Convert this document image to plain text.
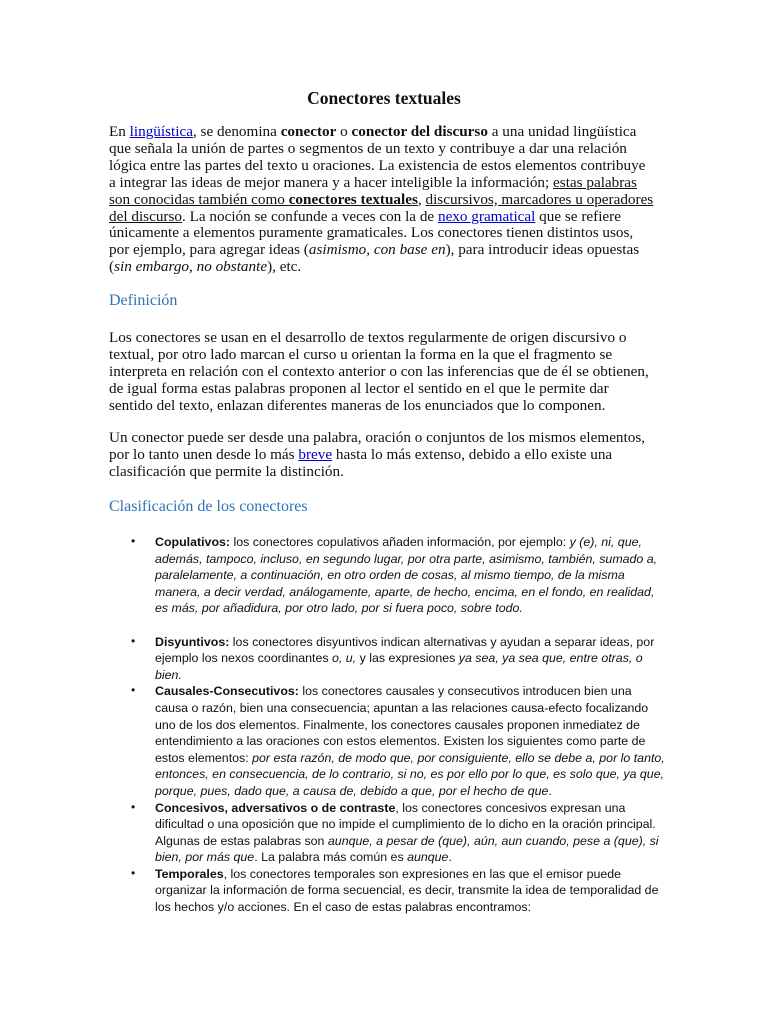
Conectores textuales
En lingüística, se denomina conector o conector del discurso a una unidad lingüística que señala la unión de partes o segmentos de un texto y contribuye a dar una relación lógica entre las partes del texto u oraciones. La existencia de estos elementos contribuye a integrar las ideas de mejor manera y a hacer inteligible la información; estas palabras son conocidas también como conectores textuales, discursivos, marcadores u operadores del discurso. La noción se confunde a veces con la de nexo gramatical que se refiere únicamente a elementos puramente gramaticales. Los conectores tienen distintos usos, por ejemplo, para agregar ideas (asimismo, con base en), para introducir ideas opuestas (sin embargo, no obstante), etc.
Definición
Los conectores se usan en el desarrollo de textos regularmente de origen discursivo o textual, por otro lado marcan el curso u orientan la forma en la que el fragmento se interpreta en relación con el contexto anterior o con las inferencias que de él se obtienen, de igual forma estas palabras proponen al lector el sentido en el que le permite dar sentido del texto, enlazan diferentes maneras de los enunciados que lo componen.
Un conector puede ser desde una palabra, oración o conjuntos de los mismos elementos, por lo tanto unen desde lo más breve hasta lo más extenso, debido a ello existe una clasificación que permite la distinción.
Clasificación de los conectores
• Copulativos: los conectores copulativos añaden información, por ejemplo: y (e), ni, que, además, tampoco, incluso, en segundo lugar, por otra parte, asimismo, también, sumado a, paralelamente, a continuación, en otro orden de cosas, al mismo tiempo, de la misma manera, a decir verdad, análogamente, aparte, de hecho, encima, en el fondo, en realidad, es más, por añadidura, por otro lado, por si fuera poco, sobre todo.
• Disyuntivos: los conectores disyuntivos indican alternativas y ayudan a separar ideas, por ejemplo los nexos coordinantes o, u, y las expresiones ya sea, ya sea que, entre otras, o bien.
• Causales-Consecutivos: los conectores causales y consecutivos introducen bien una causa o razón, bien una consecuencia; apuntan a las relaciones causa-efecto focalizando uno de los dos elementos. Finalmente, los conectores causales proponen inmediatez de entendimiento a las oraciones con estos elementos. Existen los siguientes como parte de estos elementos: por esta razón, de modo que, por consiguiente, ello se debe a, por lo tanto, entonces, en consecuencia, de lo contrario, si no, es por ello por lo que, es solo que, ya que, porque, pues, dado que, a causa de, debido a que, por el hecho de que.
• Concesivos, adversativos o de contraste, los conectores concesivos expresan una dificultad o una oposición que no impide el cumplimiento de lo dicho en la oración principal. Algunas de estas palabras son aunque, a pesar de (que), aún, aun cuando, pese a (que), si bien, por más que. La palabra más común es aunque.
• Temporales, los conectores temporales son expresiones en las que el emisor puede organizar la información de forma secuencial, es decir, transmite la idea de temporalidad de los hechos y/o acciones. En el caso de estas palabras encontramos:
